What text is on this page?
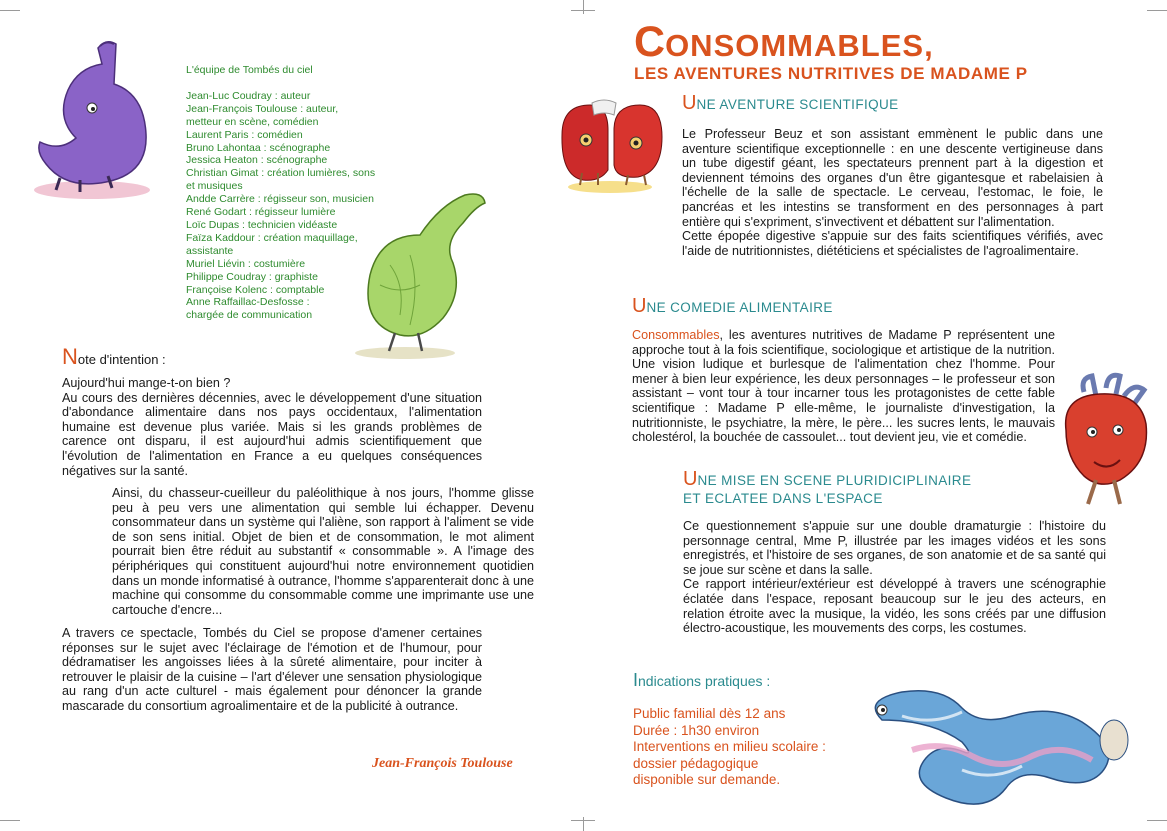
L'équipe de Tombés du ciel
Jean-Luc Coudray : auteur
Jean-François Toulouse : auteur,
metteur en scène, comédien
Laurent Paris : comédien
Bruno Lahontaa : scénographe
Jessica Heaton : scénographe
Christian Gimat : création lumières, sons et musiques
Andde Carrère : régisseur son, musicien
René Godart : régisseur lumière
Loïc Dupas : technicien vidéaste
Faïza Kaddour : création maquillage,
assistante
Muriel Liévin : costumière
Philippe Coudray : graphiste
Françoise Kolenc : comptable
Anne Raffaillac-Desfosse :
chargée de communication
Note d'intention :

Aujourd'hui mange-t-on bien ?

Au cours des dernières décennies, avec le développement d'une situation d'abondance alimentaire dans nos pays occidentaux, l'alimentation humaine est devenue plus variée. Mais si les grands problèmes de carence ont disparu, il est aujourd'hui admis scientifiquement que l'évolution de l'alimentation en France a eu quelques conséquences négatives sur la santé.

Ainsi, du chasseur-cueilleur du paléolithique à nos jours, l'homme glisse peu à peu vers une alimentation qui semble lui échapper. Devenu consommateur dans un système qui l'aliène, son rapport à l'aliment se vide de son sens initial. Objet de bien et de consommation, le mot aliment pourrait bien être réduit au substantif « consommable ». A l'image des périphériques qui constituent aujourd'hui notre environnement quotidien dans un monde informatisé à outrance, l'homme s'apparenterait donc à une machine qui consomme du consommable comme une imprimante use une cartouche d'encre...
A travers ce spectacle, Tombés du Ciel se propose d'amener certaines réponses sur le sujet avec l'éclairage de l'émotion et de l'humour, pour dédramatiser les angoisses liées à la sûreté alimentaire, pour inciter à retrouver le plaisir de la cuisine – l'art d'élever une sensation physiologique au rang d'un acte culturel - mais également pour dénoncer la grande mascarade du consortium agroalimentaire et de la publicité à outrance.
Jean-François Toulouse
CONSOMMABLES,
LES AVENTURES NUTRITIVES DE MADAME P
UNE AVENTURE SCIENTIFIQUE

Le Professeur Beuz et son assistant emmènent le public dans une aventure scientifique exceptionnelle : en une descente vertigineuse dans un tube digestif géant, les spectateurs prennent part à la digestion et deviennent témoins des organes d'un être gigantesque et rabelaisien à l'échelle de la salle de spectacle. Le cerveau, l'estomac, le foie, le pancréas et les intestins se transforment en des personnages à part entière qui s'expriment, s'invectivent et débattent sur l'alimentation.

Cette épopée digestive s'appuie sur des faits scientifiques vérifiés, avec l'aide de nutritionnistes, diététiciens et spécialistes de l'agroalimentaire.

UNE COMEDIE ALIMENTAIRE
Consommables, les aventures nutritives de Madame P représentent une approche tout à la fois scientifique, sociologique et artistique de la nutrition. Une vision ludique et burlesque de l'alimentation chez l'homme. Pour mener à bien leur expérience, les deux personnages – le professeur et son assistant – vont tour à tour incarner tous les protagonistes de cette fable scientifique : Madame P elle-même, le journaliste d'investigation, la nutritionniste, le psychiatre, la mère, le père... les sucres lents, le mauvais cholestérol, la bouchée de cassoulet... tout devient jeu, vie et comédie.
UNE MISE EN SCENE PLURIDICIPLINAIRE
ET ECLATEE DANS L'ESPACE

Ce questionnement s'appuie sur une double dramaturgie : l'histoire du personnage central, Mme P, illustrée par les images vidéos et les sons enregistrés, et l'histoire de ses organes, de son anatomie et de sa santé qui se joue sur scène et dans la salle.

Ce rapport intérieur/extérieur est développé à travers une scénographie éclatée dans l'espace, reposant beaucoup sur le jeu des acteurs, en relation étroite avec la musique, la vidéo, les sons créés par une diffusion électro-acoustique, les mouvements des corps, les costumes.

Indications pratiques :
Public familial dès 12 ans
Durée : 1h30 environ
Interventions en milieu scolaire :
dossier pédagogique
disponible sur demande.
